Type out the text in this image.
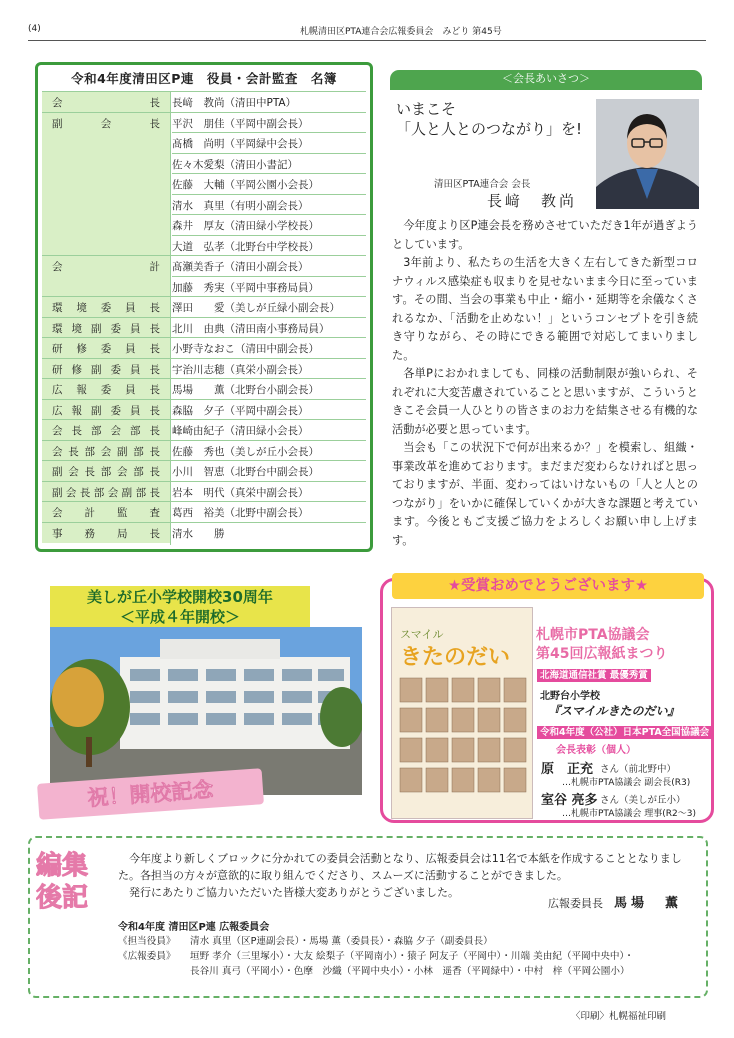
(4)	札幌清田区PTA連合会広報委員会　みどり 第45号
令和4年度清田区P連　役員・会計監査　名簿
会長	長﨑　教尚（清田中PTA）
副会長	平沢　朋佳（平岡中副会長）
髙橋　尚明（平岡緑中会長）
佐々木愛梨（清田小書記）
佐藤　大輔（平岡公園小会長）
清水　真里（有明小副会長）
森井　厚友（清田緑小学校長）
大道　弘孝（北野台中学校長）
会計	髙瀬美香子（清田小副会長）
加藤　秀実（平岡中事務局員）
環境委員長	澤田　　愛（美しが丘緑小副会長）
環境副委員長	北川　由典（清田南小事務局員）
研修委員長	小野寺なおこ（清田中副会長）
研修副委員長	宇治川志穂（真栄小副会長）
広報委員長	馬場　　薫（北野台小副会長）
広報副委員長	森脇　夕子（平岡中副会長）
会長部会部長	峰崎由紀子（清田緑小会長）
会長部会副部長	佐藤　秀也（美しが丘小会長）
副会長部会部長	小川　智恵（北野台中副会長）
副会長部会副部長	岩本　明代（真栄中副会長）
会計監査	葛西　裕美（北野中副会長）
事務局長	清水　　勝
＜会長あいさつ＞
いまこそ
「人と人とのつながり」を!
清田区PTA連合会 会長
長﨑　教尚

今年度より区P連会長を務めさせていただき1年が過ぎようとしています。

3年前より、私たちの生活を大きく左右してきた新型コロナウィルス感染症も収まりを見せないまま今日に至っています。その間、当会の事業も中止・縮小・延期等を余儀なくされるなか、「活動を止めない！」というコンセプトを引き続き守りながら、その時にできる範囲で対応してまいりました。

各単Pにおかれましても、同様の活動制限が強いられ、それぞれに大変苦慮されていることと思いますが、こういうときこそ会員一人ひとりの皆さまのお力を結集させる有機的な活動が必要と思っています。

当会も「この状況下で何が出来るか？」を模索し、組織・事業改革を進めております。まだまだ変わらなければと思っておりますが、半面、変わってはいけないもの「人と人とのつながり」をいかに確保していくかが大きな課題と考えています。今後ともご支援ご協力をよろしくお願い申し上げます。

美しが丘小学校開校30周年
＜平成４年開校＞
祝！開校記念
★受賞おめでとうございます★
スマイル
きたのだい
札幌市PTA協議会
第45回広報紙まつり
北海道通信社賞 最優秀賞
北野台小学校
『スマイルきたのだい』
令和4年度（公社）日本PTA全国協議会
会長表彰（個人）
原　正充 さん（前北野中）
…札幌市PTA協議会 副会長(R3)
室谷 亮多 さん（美しが丘小）
…札幌市PTA協議会 理事(R2〜3)
編集
後記

今年度より新しくブロックに分かれての委員会活動となり、広報委員会は11名で本紙を作成することとなりました。各担当の方々が意欲的に取り組んでくださり、スムーズに活動することができました。

発行にあたりご協力いただいた皆様大変ありがとうございました。

広報委員長　 馬場　薫
令和4年度 清田区P連 広報委員会
《担当役員》 清水 真里（区P連副会長）・馬場 薫（委員長）・森脇 夕子（副委員長）
《広報委員》 垣野 孝介（三里塚小）・大友 絵梨子（平岡南小）・猿子 阿友子（平岡中）・川端 美由紀（平岡中央中）・
長谷川 真弓（平岡小）・色摩　沙織（平岡中央小）・小林　遥香（平岡緑中）・中村　梓（平岡公園小）
〈印刷〉札幌福祉印刷
